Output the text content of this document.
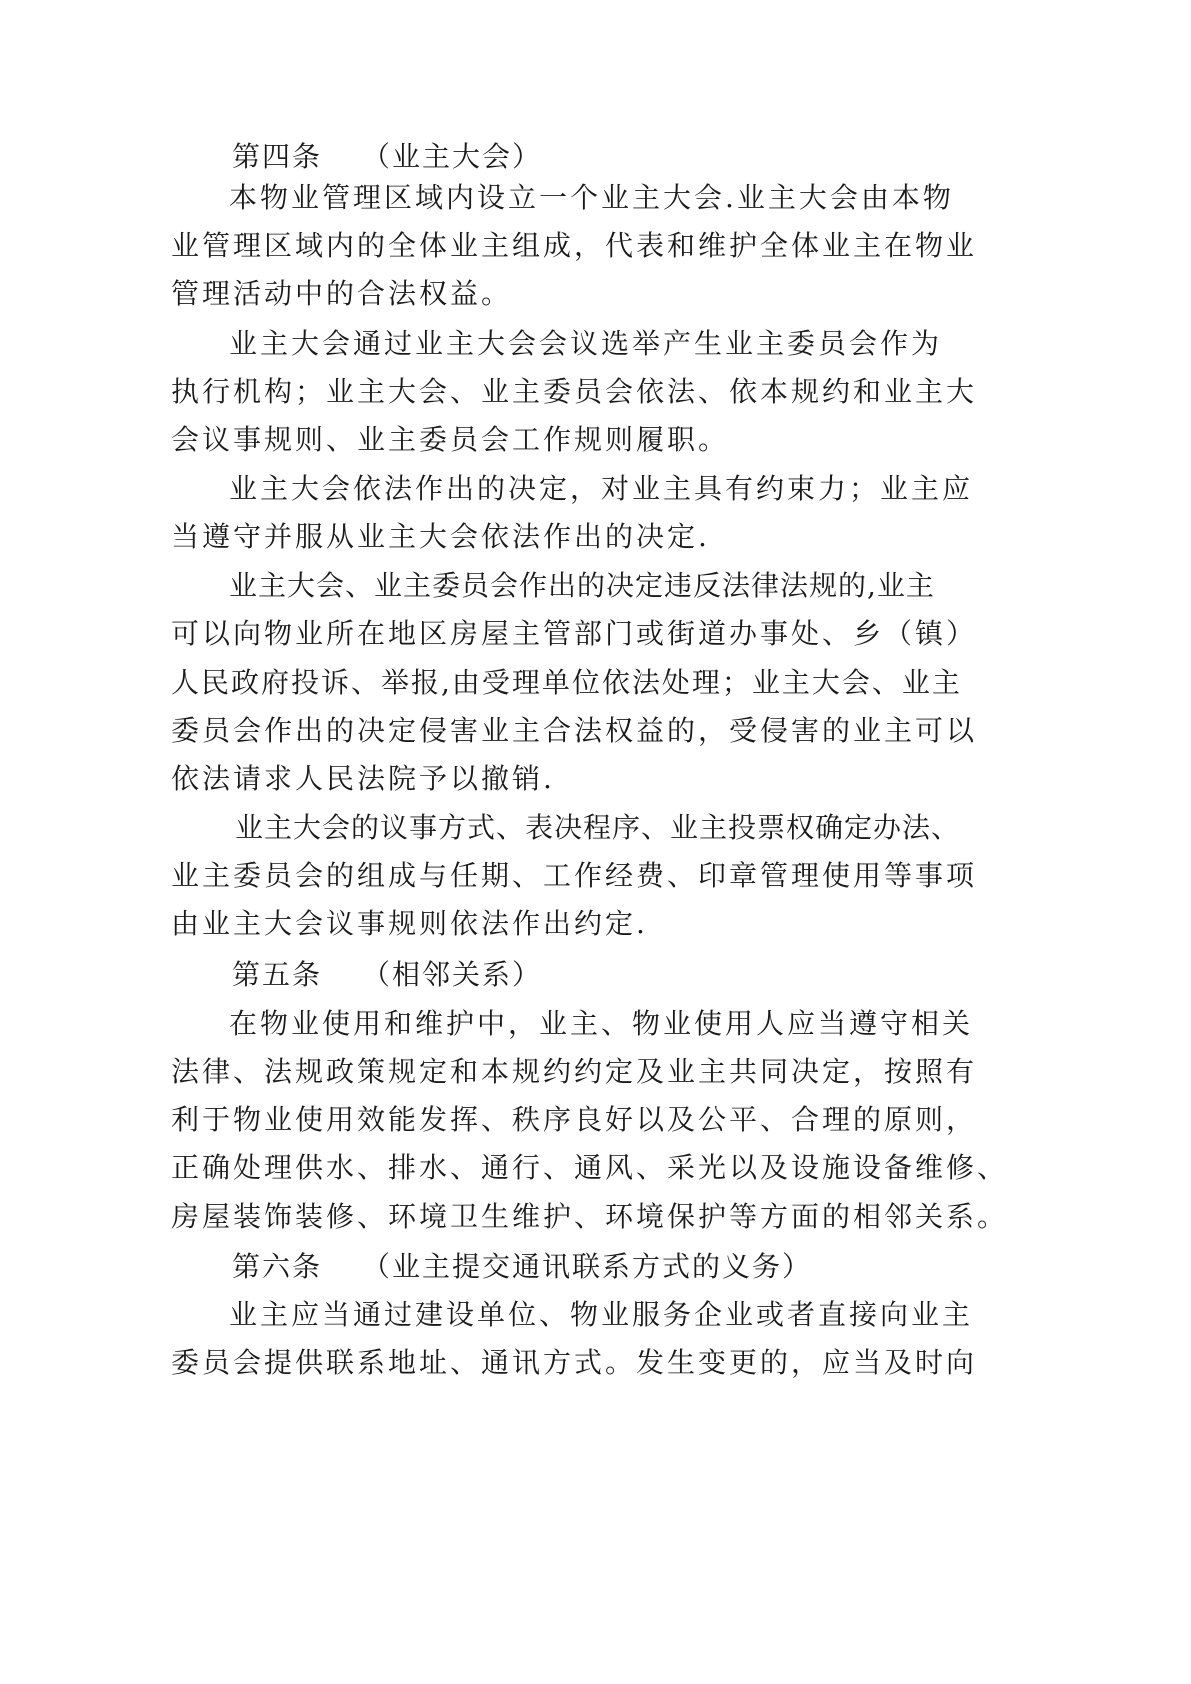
第四条 （业主大会）
本物业管理区域内设立一个业主大会.业主大会由本物
业管理区域内的全体业主组成，代表和维护全体业主在物业
管理活动中的合法权益。
业主大会通过业主大会会议选举产生业主委员会作为
执行机构；业主大会、业主委员会依法、依本规约和业主大
会议事规则、业主委员会工作规则履职。
业主大会依法作出的决定，对业主具有约束力；业主应
当遵守并服从业主大会依法作出的决定.
业主大会、业主委员会作出的决定违反法律法规的,业主
可以向物业所在地区房屋主管部门或街道办事处、乡（镇）
人民政府投诉、举报,由受理单位依法处理；业主大会、业主
委员会作出的决定侵害业主合法权益的，受侵害的业主可以
依法请求人民法院予以撤销.
业主大会的议事方式、表决程序、业主投票权确定办法、
业主委员会的组成与任期、工作经费、印章管理使用等事项
由业主大会议事规则依法作出约定.
第五条 （相邻关系）
在物业使用和维护中，业主、物业使用人应当遵守相关
法律、法规政策规定和本规约约定及业主共同决定，按照有
利于物业使用效能发挥、秩序良好以及公平、合理的原则，
正确处理供水、排水、通行、通风、采光以及设施设备维修、
房屋装饰装修、环境卫生维护、环境保护等方面的相邻关系。
第六条 （业主提交通讯联系方式的义务）
业主应当通过建设单位、物业服务企业或者直接向业主
委员会提供联系地址、通讯方式。发生变更的，应当及时向
